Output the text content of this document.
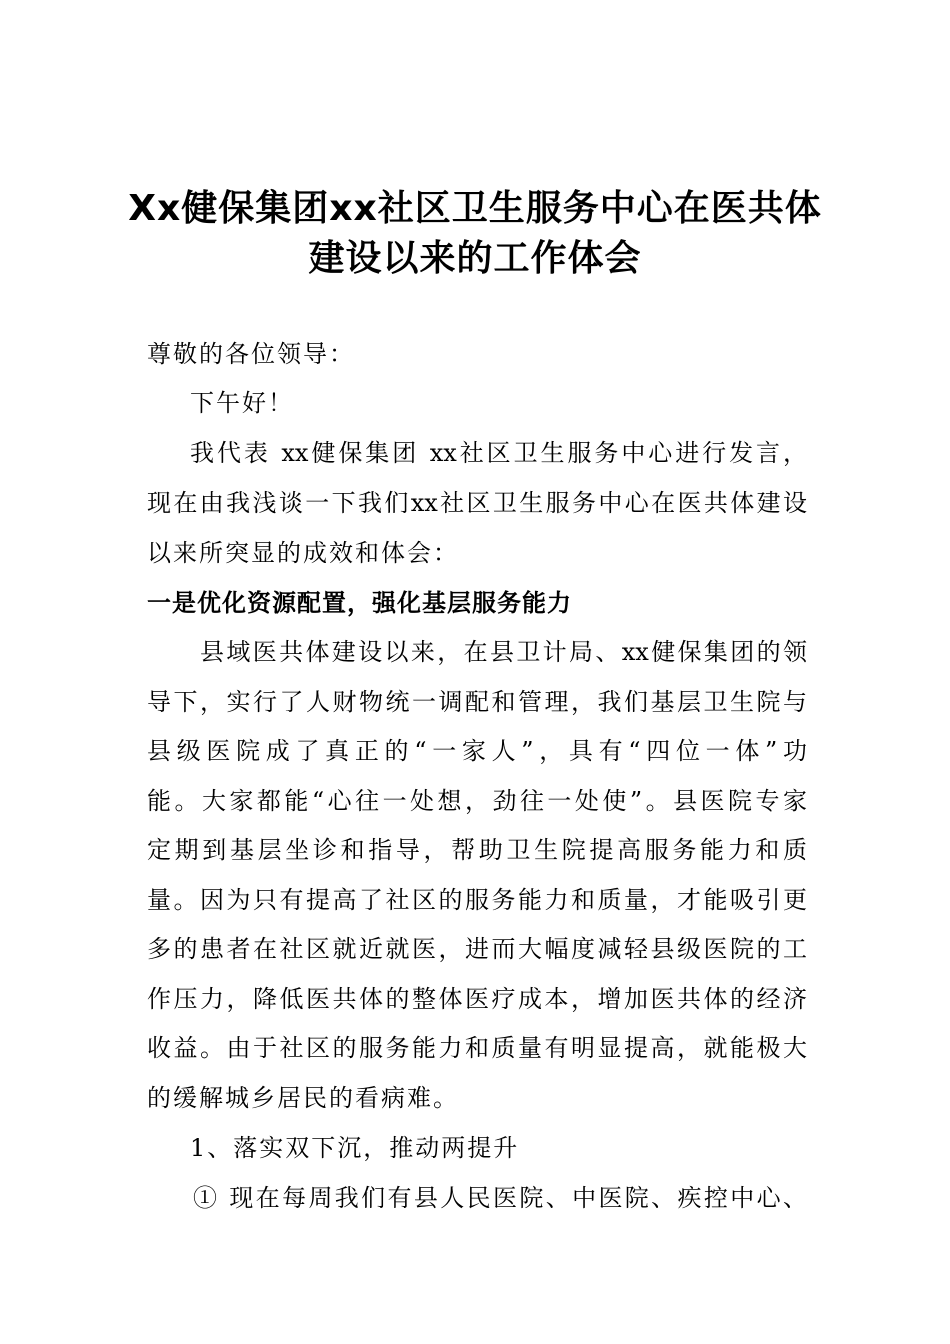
Xx健保集团xx社区卫生服务中心在医共体
建设以来的工作体会
尊敬的各位领导：
下午好！
我代表 xx健保集团 xx社区卫生服务中心进行发言，
现在由我浅谈一下我们xx社区卫生服务中心在医共体建设
以来所突显的成效和体会：
一是优化资源配置，强化基层服务能力
县域医共体建设以来，在县卫计局、xx健保集团的领
导下，实行了人财物统一调配和管理，我们基层卫生院与
县级医院成了真正的“一家人”，具有“四位一体”功
能。大家都能“心往一处想，劲往一处使”。县医院专家
定期到基层坐诊和指导，帮助卫生院提高服务能力和质
量。因为只有提高了社区的服务能力和质量，才能吸引更
多的患者在社区就近就医，进而大幅度减轻县级医院的工
作压力，降低医共体的整体医疗成本，增加医共体的经济
收益。由于社区的服务能力和质量有明显提高，就能极大
的缓解城乡居民的看病难。
1、落实双下沉，推动两提升
① 现在每周我们有县人民医院、中医院、疾控中心、
